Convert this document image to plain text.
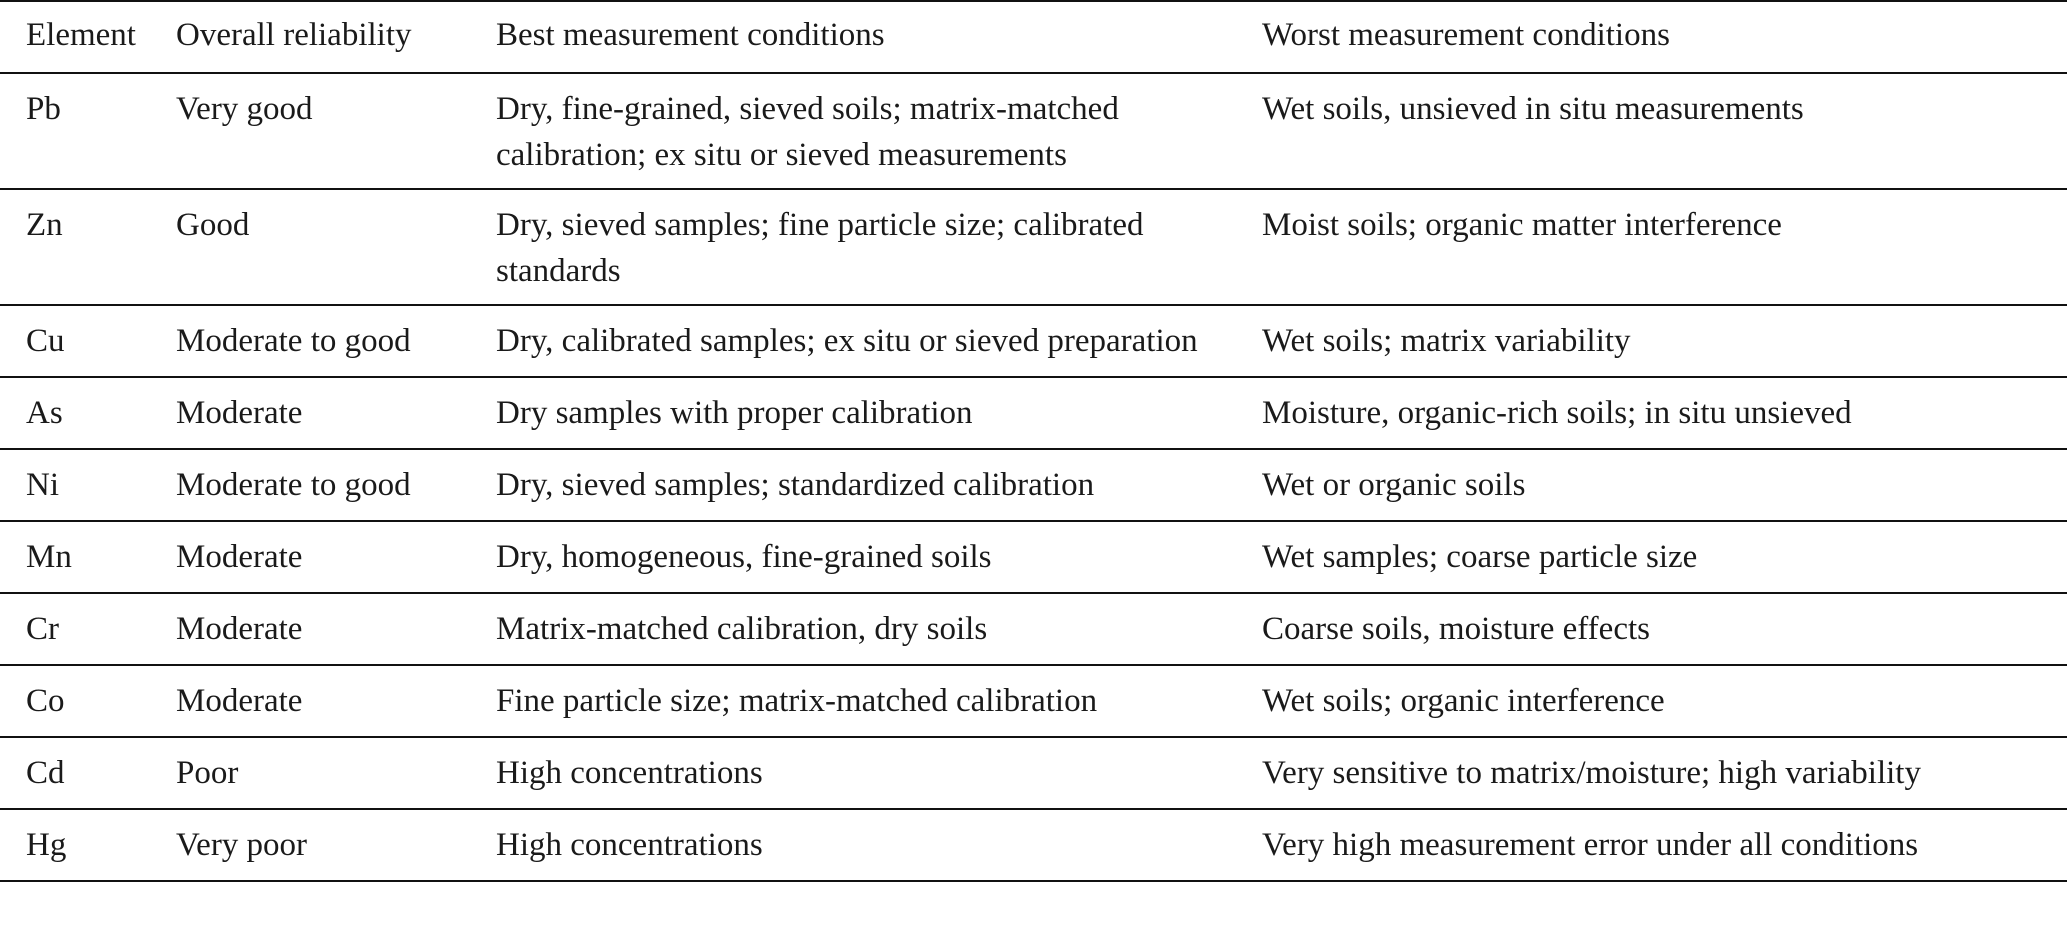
Element	Overall reliability	Best measurement conditions	Worst measurement conditions
Pb	Very good	Dry, fine-grained, sieved soils; matrix-matched calibration; ex situ or sieved measurements	Wet soils, unsieved in situ measurements
Zn	Good	Dry, sieved samples; fine particle size; calibrated standards	Moist soils; organic matter interference
Cu	Moderate to good	Dry, calibrated samples; ex situ or sieved preparation	Wet soils; matrix variability
As	Moderate	Dry samples with proper calibration	Moisture, organic-rich soils; in situ unsieved
Ni	Moderate to good	Dry, sieved samples; standardized calibration	Wet or organic soils
Mn	Moderate	Dry, homogeneous, fine-grained soils	Wet samples; coarse particle size
Cr	Moderate	Matrix-matched calibration, dry soils	Coarse soils, moisture effects
Co	Moderate	Fine particle size; matrix-matched calibration	Wet soils; organic interference
Cd	Poor	High concentrations	Very sensitive to matrix/moisture; high variability
Hg	Very poor	High concentrations	Very high measurement error under all conditions
